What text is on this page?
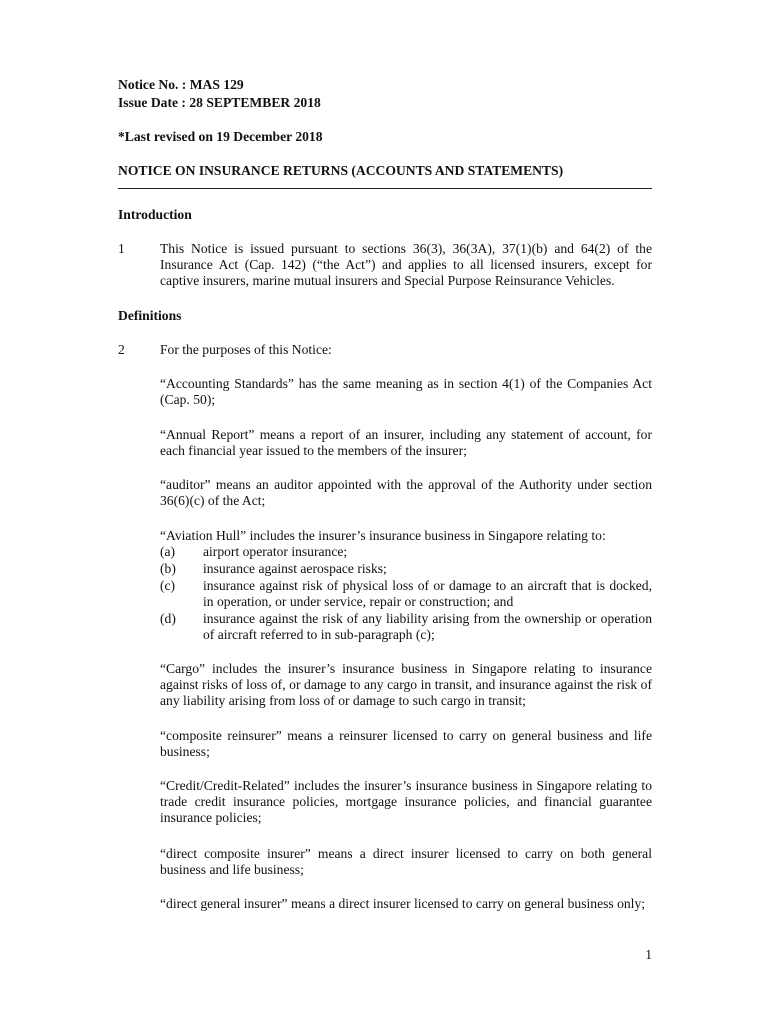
Notice No. : MAS 129
Issue Date : 28 SEPTEMBER 2018
*Last revised on 19 December 2018
NOTICE ON INSURANCE RETURNS (ACCOUNTS AND STATEMENTS)
Introduction
1	This Notice is issued pursuant to sections 36(3), 36(3A), 37(1)(b) and 64(2) of the Insurance Act (Cap. 142) (“the Act”) and applies to all licensed insurers, except for captive insurers, marine mutual insurers and Special Purpose Reinsurance Vehicles.
Definitions
2	For the purposes of this Notice:
“Accounting Standards” has the same meaning as in section 4(1) of the Companies Act (Cap. 50);
“Annual Report” means a report of an insurer, including any statement of account, for each financial year issued to the members of the insurer;
“auditor” means an auditor appointed with the approval of the Authority under section 36(6)(c) of the Act;
“Aviation Hull” includes the insurer’s insurance business in Singapore relating to:
(a)	airport operator insurance;
(b)	insurance against aerospace risks;
(c)	insurance against risk of physical loss of or damage to an aircraft that is docked, in operation, or under service, repair or construction; and
(d)	insurance against the risk of any liability arising from the ownership or operation of aircraft referred to in sub-paragraph (c);
“Cargo” includes the insurer’s insurance business in Singapore relating to insurance against risks of loss of, or damage to any cargo in transit, and insurance against the risk of any liability arising from loss of or damage to such cargo in transit;
“composite reinsurer” means a reinsurer licensed to carry on general business and life business;
“Credit/Credit-Related” includes the insurer’s insurance business in Singapore relating to trade credit insurance policies, mortgage insurance policies, and financial guarantee insurance policies;
“direct composite insurer” means a direct insurer licensed to carry on both general business and life business;
“direct general insurer” means a direct insurer licensed to carry on general business only;
1
